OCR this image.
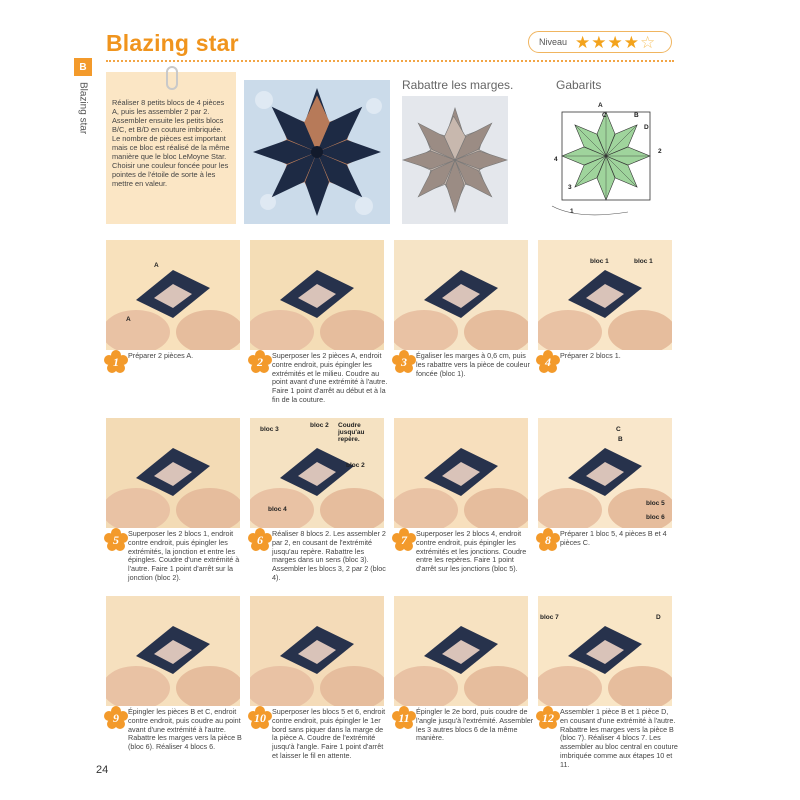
Blazing star	Niveau ★ ★ ★ ★ ☆
B
Blazing star	Réaliser 8 petits blocs de 4 pièces A, puis les assembler 2 par 2. Assembler ensuite les petits blocs B/C, et B/D en couture imbriquée. Le nombre de pièces est important mais ce bloc est réalisé de la même manière que le bloc LeMoyne Star. Choisir une couleur foncée pour les pointes de l'étoile de sorte à les mettre en valeur.
Rabattre les marges.	Gabarits
A
B
C
D
1
2
3
4
A
A
1	Préparer 2 pièces A.	2	Superposer les 2 pièces A, endroit contre endroit, puis épingler les extrémités et le milieu. Coudre au point avant d'une extrémité à l'autre. Faire 1 point d'arrêt au début et à la fin de la couture.
3	Égaliser les marges à 0,6 cm, puis les rabattre vers la pièce de couleur foncée (bloc 1).
bloc 1	bloc 1
4	Préparer 2 blocs 1.
5	Superposer les 2 blocs 1, endroit contre endroit, puis épingler les extrémités, la jonction et entre les épingles. Coudre d'une extrémité à l'autre. Faire 1 point d'arrêt sur la jonction (bloc 2).
bloc 3
bloc 2 Coudre jusqu'au repère.
bloc 2
bloc 4
6	Réaliser 8 blocs 2. Les assembler 2 par 2, en cousant de l'extrémité jusqu'au repère. Rabattre les marges dans un sens (bloc 3). Assembler les blocs 3, 2 par 2 (bloc 4).
7	Superposer les 2 blocs 4, endroit contre endroit, puis épingler les extrémités et les jonctions. Coudre entre les repères. Faire 1 point d'arrêt sur les jonctions (bloc 5).
C
B
bloc 5
bloc 6
8	Préparer 1 bloc 5, 4 pièces B et 4 pièces C.
9	Épingler les pièces B et C, endroit contre endroit, puis coudre au point avant d'une extrémité à l'autre. Rabattre les marges vers la pièce B (bloc 6). Réaliser 4 blocs 6.
10 Superposer les blocs 5 et 6, endroit contre endroit, puis épingler le 1er bord sans piquer dans la marge de la pièce A. Coudre de l'extrémité jusqu'à l'angle. Faire 1 point d'arrêt et laisser le fil en attente.
11 Épingler le 2e bord, puis coudre de l'angle jusqu'à l'extrémité. Assembler les 3 autres blocs 6 de la même manière.
bloc 7	D
12 Assembler 1 pièce B et 1 pièce D, en cousant d'une extrémité à l'autre. Rabattre les marges vers la pièce B (bloc 7). Réaliser 4 blocs 7. Les assembler au bloc central en couture imbriquée comme aux étapes 10 et 11.
24
